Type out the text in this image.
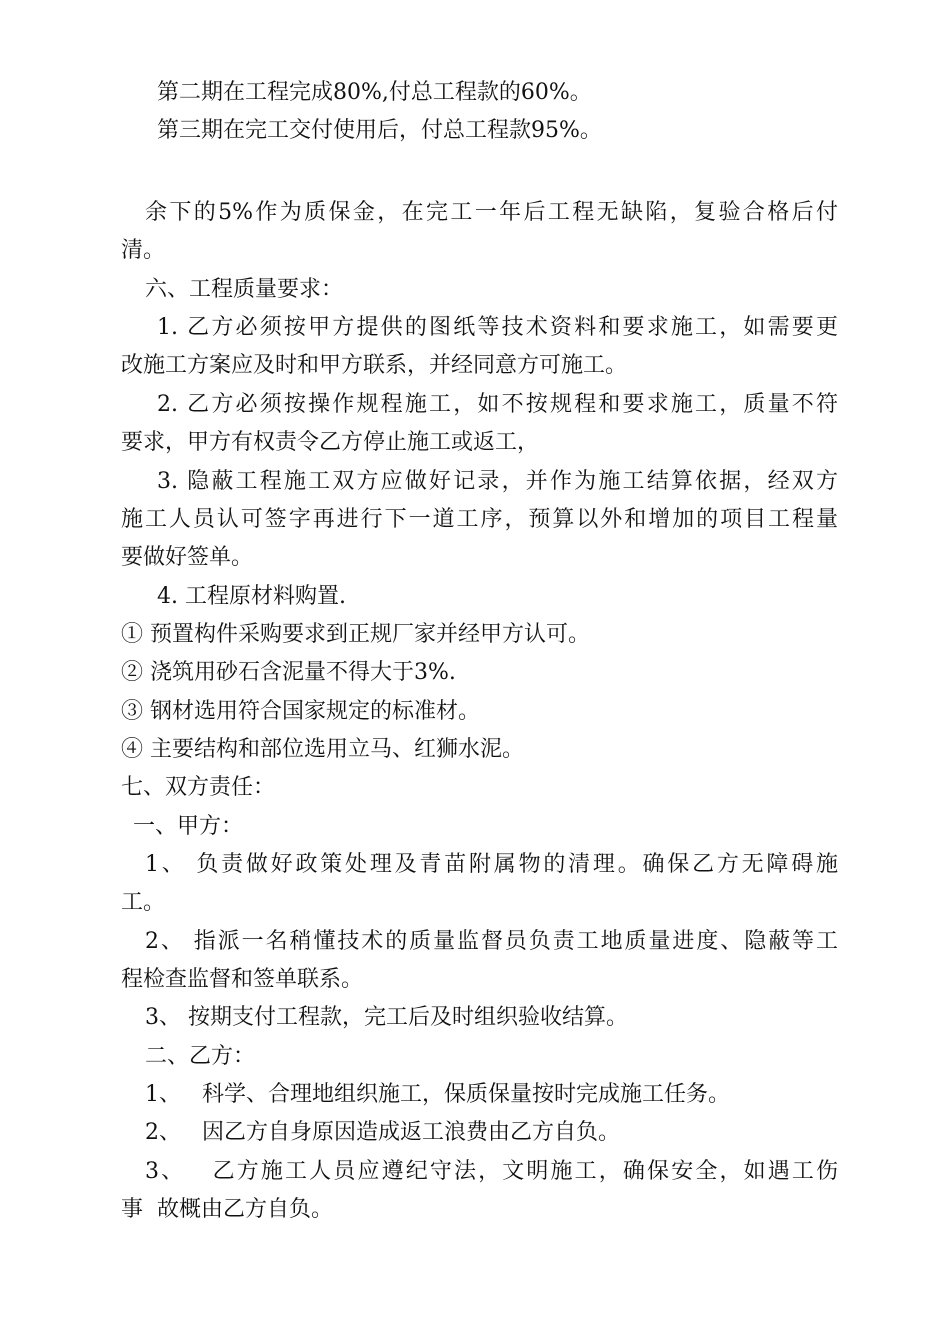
第二期在工程完成80%,付总工程款的60%。
第三期在完工交付使用后，付总工程款95%。
余下的5%作为质保金，在完工一年后工程无缺陷，复验合格后付
清。
六、工程质量要求：
1. 乙方必须按甲方提供的图纸等技术资料和要求施工，如需要更
改施工方案应及时和甲方联系，并经同意方可施工。
2. 乙方必须按操作规程施工，如不按规程和要求施工，质量不符
要求，甲方有权责令乙方停止施工或返工，
3. 隐蔽工程施工双方应做好记录，并作为施工结算依据，经双方
施工人员认可签字再进行下一道工序，预算以外和增加的项目工程量
要做好签单。
4. 工程原材料购置.
① 预置构件采购要求到正规厂家并经甲方认可。
② 浇筑用砂石含泥量不得大于3%.
③ 钢材选用符合国家规定的标准材。
④ 主要结构和部位选用立马、红狮水泥。
七、双方责任：
一、甲方：
1、 负责做好政策处理及青苗附属物的清理。确保乙方无障碍施
工。
2、 指派一名稍懂技术的质量监督员负责工地质量进度、隐蔽等工
程检查监督和签单联系。
3、 按期支付工程款，完工后及时组织验收结算。
二、乙方：
1、   科学、合理地组织施工，保质保量按时完成施工任务。
2、   因乙方自身原因造成返工浪费由乙方自负。
3、   乙方施工人员应遵纪守法，文明施工，确保安全，如遇工伤
事  故概由乙方自负。
